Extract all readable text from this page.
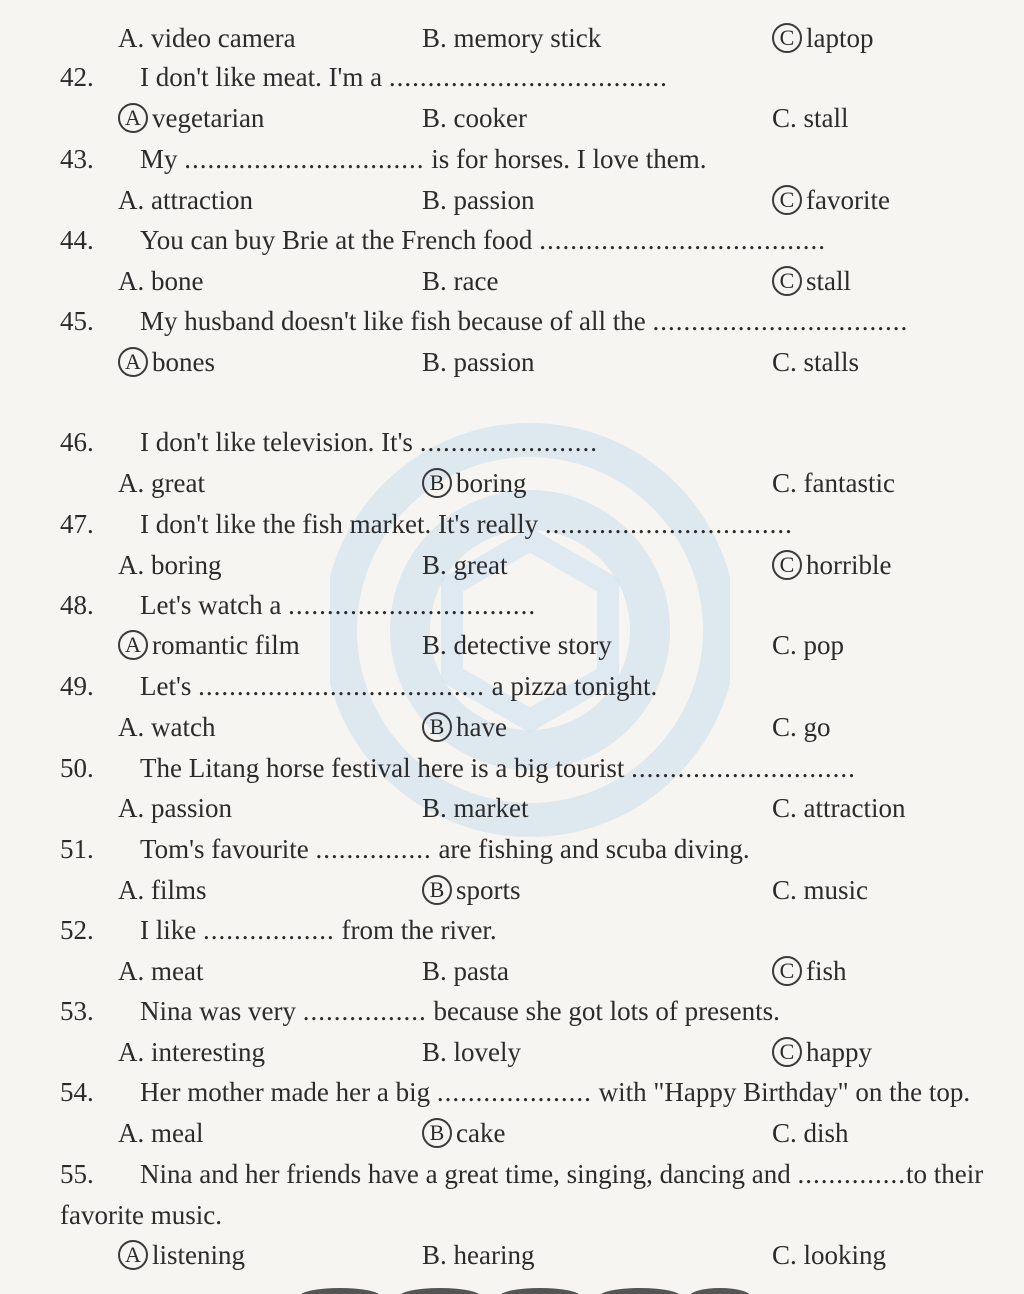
A. video camera	B. memory stick	C laptop
42. I don't like meat. I'm a ....................................
A vegetarian	B. cooker	C. stall
43. My ............................... is for horses. I love them.
A. attraction	B. passion	C favorite
44. You can buy Brie at the French food .....................................
A. bone	B. race	C stall
45. My husband doesn't like fish because of all the .................................
A bones	B. passion	C. stalls
46. I don't like television. It's .......................
A. great	B boring	C. fantastic
47. I don't like the fish market. It's really ................................
A. boring	B. great	C horrible
48. Let's watch a ................................
A romantic film	B. detective story	C. pop
49. Let's ..................................... a pizza tonight.
A. watch	B have	C. go
50. The Litang horse festival here is a big tourist .............................
A. passion	B. market	C. attraction
51. Tom's favourite ............... are fishing and scuba diving.
A. films	B sports	C. music
52. I like ................. from the river.
A. meat	B. pasta	C fish
53. Nina was very ................ because she got lots of presents.
A. interesting	B. lovely	C happy
54. Her mother made her a big .................... with "Happy Birthday" on the top.
A. meal	B cake	C. dish
55. Nina and her friends have a great time, singing, dancing and ..............to their
favorite music.
A listening	B. hearing	C. looking
